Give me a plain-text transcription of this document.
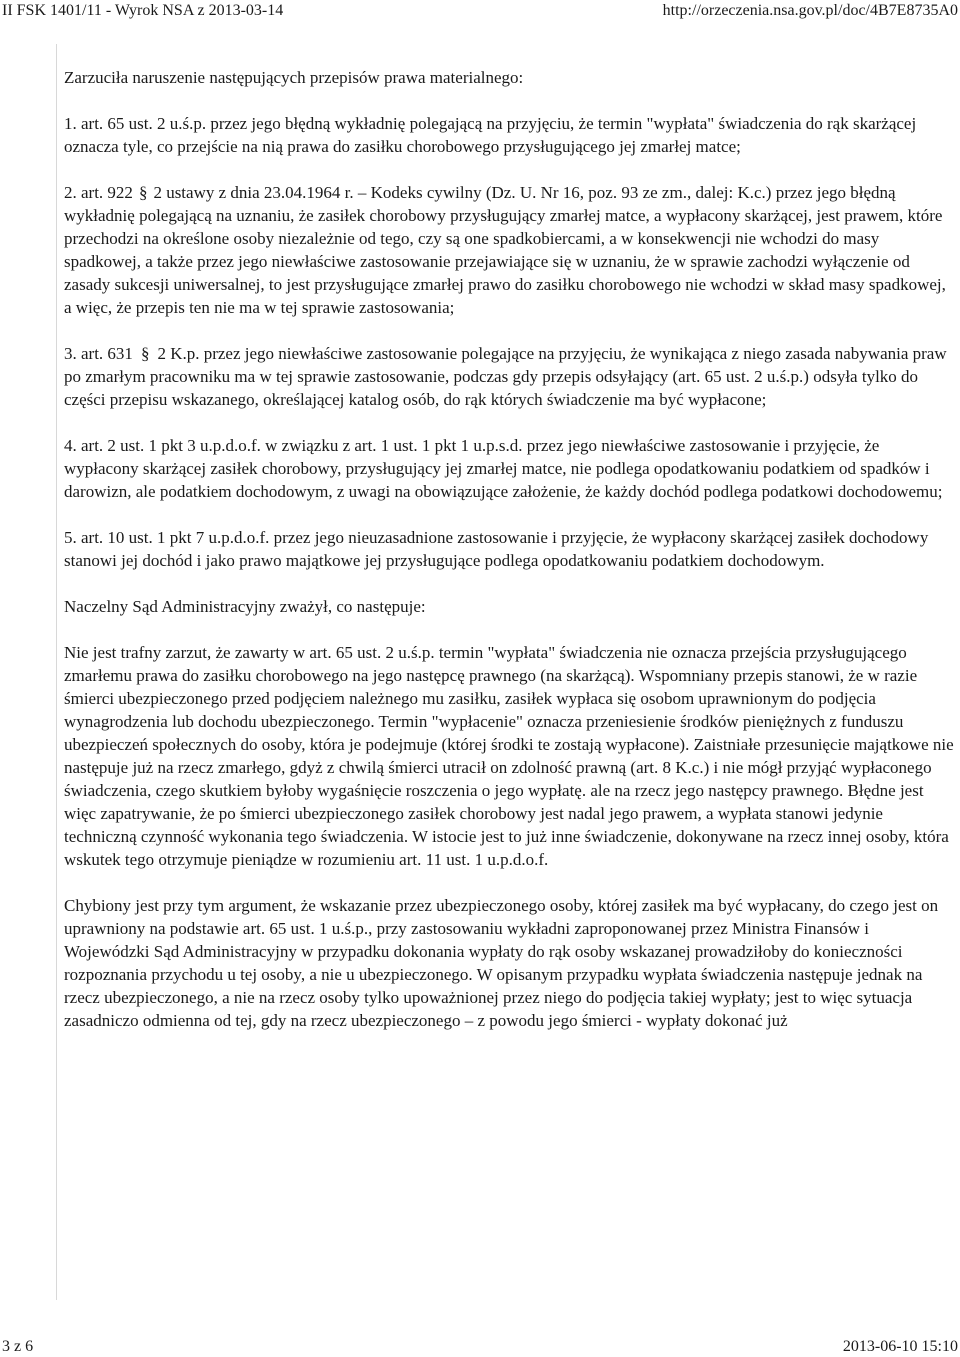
II FSK 1401/11 - Wyrok NSA z 2013-03-14	http://orzeczenia.nsa.gov.pl/doc/4B7E8735A0

Zarzuciła naruszenie następujących przepisów prawa materialnego:

1. art. 65 ust. 2 u.ś.p. przez jego błędną wykładnię polegającą na przyjęciu, że termin "wypłata" świadczenia do rąk skarżącej oznacza tyle, co przejście na nią prawa do zasiłku chorobowego przysługującego jej zmarłej matce;

2. art. 922 § 2 ustawy z dnia 23.04.1964 r. – Kodeks cywilny (Dz. U. Nr 16, poz. 93 ze zm., dalej: K.c.) przez jego błędną wykładnię polegającą na uznaniu, że zasiłek chorobowy przysługujący zmarłej matce, a wypłacony skarżącej, jest prawem, które przechodzi na określone osoby niezależnie od tego, czy są one spadkobiercami, a w konsekwencji nie wchodzi do masy spadkowej, a także przez jego niewłaściwe zastosowanie przejawiające się w uznaniu, że w sprawie zachodzi wyłączenie od zasady sukcesji uniwersalnej, to jest przysługujące zmarłej prawo do zasiłku chorobowego nie wchodzi w skład masy spadkowej, a więc, że przepis ten nie ma w tej sprawie zastosowania;

3. art. 631 § 2 K.p. przez jego niewłaściwe zastosowanie polegające na przyjęciu, że wynikająca z niego zasada nabywania praw po zmarłym pracowniku ma w tej sprawie zastosowanie, podczas gdy przepis odsyłający (art. 65 ust. 2 u.ś.p.) odsyła tylko do części przepisu wskazanego, określającej katalog osób, do rąk których świadczenie ma być wypłacone;

4. art. 2 ust. 1 pkt 3 u.p.d.o.f. w związku z art. 1 ust. 1 pkt 1 u.p.s.d. przez jego niewłaściwe zastosowanie i przyjęcie, że wypłacony skarżącej zasiłek chorobowy, przysługujący jej zmarłej matce, nie podlega opodatkowaniu podatkiem od spadków i darowizn, ale podatkiem dochodowym, z uwagi na obowiązujące założenie, że każdy dochód podlega podatkowi dochodowemu;

5. art. 10 ust. 1 pkt 7 u.p.d.o.f. przez jego nieuzasadnione zastosowanie i przyjęcie, że wypłacony skarżącej zasiłek dochodowy stanowi jej dochód i jako prawo majątkowe jej przysługujące podlega opodatkowaniu podatkiem dochodowym.

Naczelny Sąd Administracyjny zważył, co następuje:

Nie jest trafny zarzut, że zawarty w art. 65 ust. 2 u.ś.p. termin "wypłata" świadczenia nie oznacza przejścia przysługującego zmarłemu prawa do zasiłku chorobowego na jego następcę prawnego (na skarżącą). Wspomniany przepis stanowi, że w razie śmierci ubezpieczonego przed podjęciem należnego mu zasiłku, zasiłek wypłaca się osobom uprawnionym do podjęcia wynagrodzenia lub dochodu ubezpieczonego. Termin "wypłacenie" oznacza przeniesienie środków pieniężnych z funduszu ubezpieczeń społecznych do osoby, która je podejmuje (której środki te zostają wypłacone). Zaistniałe przesunięcie majątkowe nie następuje już na rzecz zmarłego, gdyż z chwilą śmierci utracił on zdolność prawną (art. 8 K.c.) i nie mógł przyjąć wypłaconego świadczenia, czego skutkiem byłoby wygaśnięcie roszczenia o jego wypłatę. ale na rzecz jego następcy prawnego. Błędne jest więc zapatrywanie, że po śmierci ubezpieczonego zasiłek chorobowy jest nadal jego prawem, a wypłata stanowi jedynie techniczną czynność wykonania tego świadczenia. W istocie jest to już inne świadczenie, dokonywane na rzecz innej osoby, która wskutek tego otrzymuje pieniądze w rozumieniu art. 11 ust. 1 u.p.d.o.f.

Chybiony jest przy tym argument, że wskazanie przez ubezpieczonego osoby, której zasiłek ma być wypłacany, do czego jest on uprawniony na podstawie art. 65 ust. 1 u.ś.p., przy zastosowaniu wykładni zaproponowanej przez Ministra Finansów i Wojewódzki Sąd Administracyjny w przypadku dokonania wypłaty do rąk osoby wskazanej prowadziłoby do konieczności rozpoznania przychodu u tej osoby, a nie u ubezpieczonego. W opisanym przypadku wypłata świadczenia następuje jednak na rzecz ubezpieczonego, a nie na rzecz osoby tylko upoważnionej przez niego do podjęcia takiej wypłaty; jest to więc sytuacja zasadniczo odmienna od tej, gdy na rzecz ubezpieczonego – z powodu jego śmierci - wypłaty dokonać już

3 z 6	2013-06-10 15:10
